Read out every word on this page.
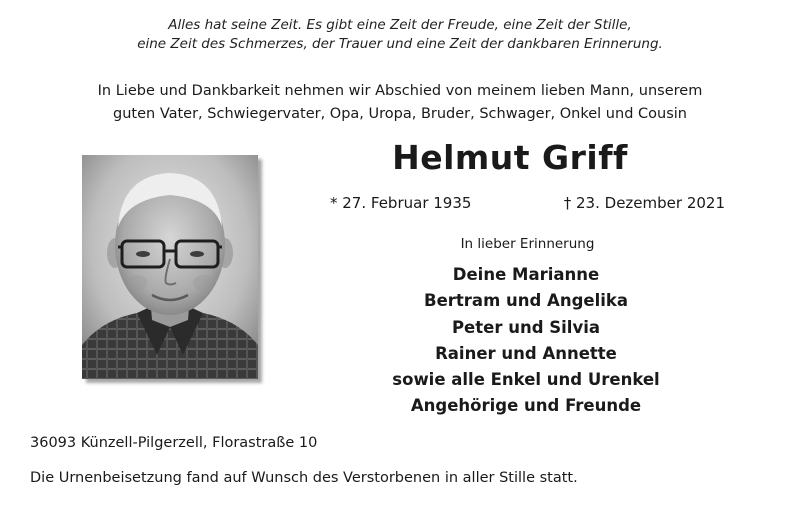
Alles hat seine Zeit. Es gibt eine Zeit der Freude, eine Zeit der Stille,
eine Zeit des Schmerzes, der Trauer und eine Zeit der dankbaren Erinnerung.
In Liebe und Dankbarkeit nehmen wir Abschied von meinem lieben Mann, unserem
guten Vater, Schwiegervater, Opa, Uropa, Bruder, Schwager, Onkel und Cousin
Helmut Griff
* 27. Februar 1935	† 23. Dezember 2021
In lieber Erinnerung
Deine Marianne
Bertram und Angelika
Peter und Silvia
Rainer und Annette
sowie alle Enkel und Urenkel
Angehörige und Freunde
36093 Künzell-Pilgerzell, Florastraße 10
Die Urnenbeisetzung fand auf Wunsch des Verstorbenen in aller Stille statt.
